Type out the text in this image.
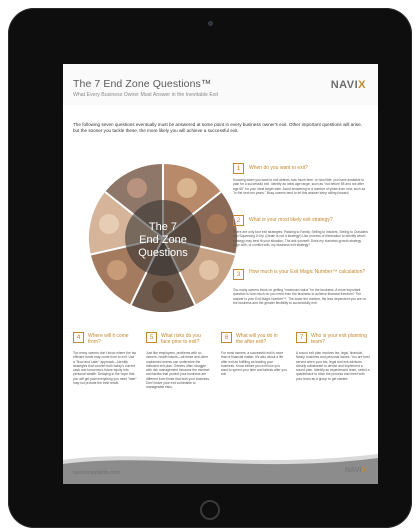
The 7 End Zone Questions™
What Every Business Owner Must Answer in the Inevitable Exit
NAVIX
The following seven questions eventually must be answered at some point in every business owner's exit. Other important questions will arise, but the sooner you tackle these, the more likely you will achieve a successful exit.
The 7
End Zone
Questions
1	When do you want to exit?
Knowing when you want to exit defines how much time, or how little, you have available to plan for a successful exit. Identify an ideal age range, such as "not before 55 and not after age 60" for your ideal target date. Avoid answering in a number of years from now, such as "in the next ten years." Busy owners tend to let this answer keep rolling forward.
2	What is your most likely exit strategy?
There are only four exit strategies: Passing to Family, Selling to Insiders, Selling to Outsiders and Squeezing It Dry. (Death is not a strategy!) Use process of elimination to identify which strategy may best fit your situation. The ask yourself: Does my business growth strategy align with, or conflict with, my business exit strategy?
3	How much is your Exit Magic Number™ calculation?
Too many owners focus on getting "maximum value" for the business. A more important question is how much do you need from the business to achieve financial freedom? The answer is your Exit Magic Number™. The lower the number, the less dependent you are on the business and the greater flexibility to successfully exit.
4	Where will it come from?
Too many owners don't know where the tax efficient funds may come from to exit. Use a "Now and Later" approach—identify strategies that convert both today's current cash and tomorrow's future equity into personal wealth. Delaying in the hope that you will get paid everything you need "later" may not provide the best result.
5	What risks do you face prior to exit?
Just like employees, problems with co-owners, health issues—all these and other unplanned events can undermine the intended exit plan. Owners often struggle with risk management because the mindset and tactics that protect your business are different from those that built your business. Don't leave your exit vulnerable to manageable risks.
6	What will you do in the after exit?
For most owners, a successful exit is more than a financial matter. It's also about a life after exit as fulfilling as leading your business. Know before you exit how you want to spend your time and talents after you exit.
7	Who is your exit planning team?
A sound exit plan involves tax, legal, financial, family, business and personal issues. You are best served when your tax, legal and exit advisors closely collaborate to devise and implement a sound plan. Identify an experienced team, select a quarterback to drive the process and meet with your team as a group to get started.
naviconsultants.com	NAVIX
